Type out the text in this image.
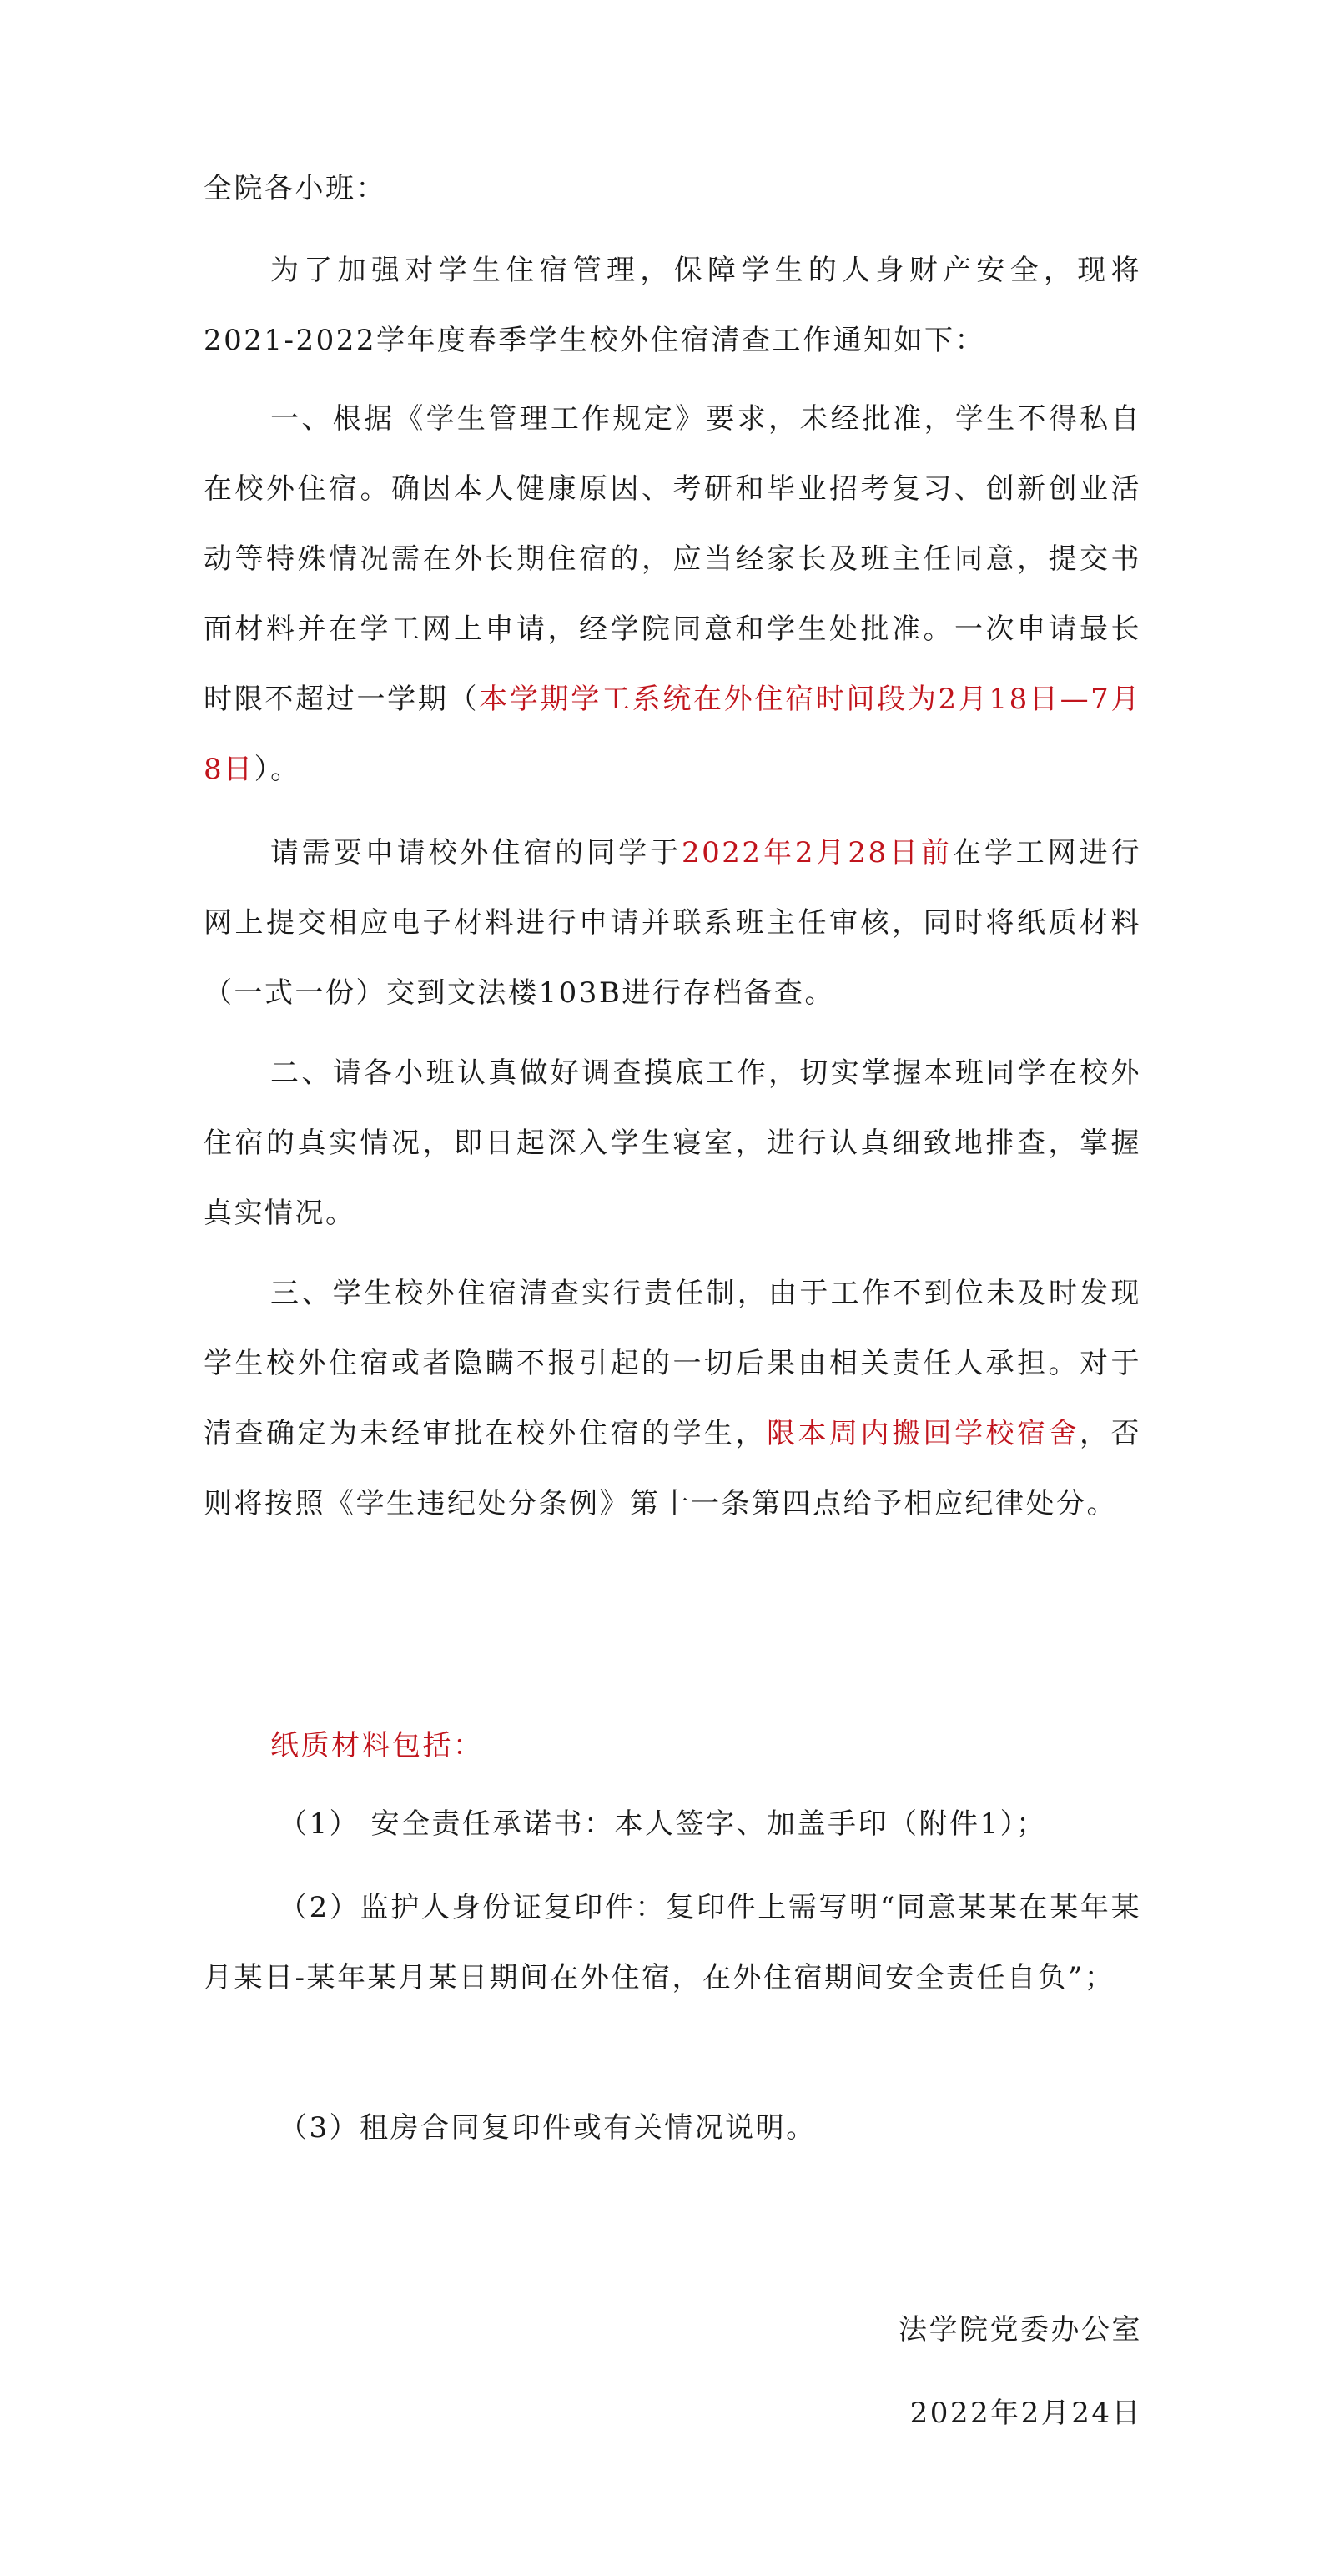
全院各小班：
为了加强对学生住宿管理，保障学生的人身财产安全，现将2021-2022学年度春季学生校外住宿清查工作通知如下：
一、根据《学生管理工作规定》要求，未经批准，学生不得私自在校外住宿。确因本人健康原因、考研和毕业招考复习、创新创业活动等特殊情况需在外长期住宿的，应当经家长及班主任同意，提交书面材料并在学工网上申请，经学院同意和学生处批准。一次申请最长时限不超过一学期（本学期学工系统在外住宿时间段为2月18日—7月8日）。
请需要申请校外住宿的同学于2022年2月28日前在学工网进行网上提交相应电子材料进行申请并联系班主任审核，同时将纸质材料（一式一份）交到文法楼103B进行存档备查。
二、请各小班认真做好调查摸底工作，切实掌握本班同学在校外住宿的真实情况，即日起深入学生寝室，进行认真细致地排查，掌握真实情况。
三、学生校外住宿清查实行责任制，由于工作不到位未及时发现学生校外住宿或者隐瞒不报引起的一切后果由相关责任人承担。对于清查确定为未经审批在校外住宿的学生，限本周内搬回学校宿舍，否则将按照《学生违纪处分条例》第十一条第四点给予相应纪律处分。
纸质材料包括：
（1） 安全责任承诺书：本人签字、加盖手印（附件1）；
（2）监护人身份证复印件：复印件上需写明“同意某某在某年某月某日-某年某月某日期间在外住宿，在外住宿期间安全责任自负”；
（3）租房合同复印件或有关情况说明。
法学院党委办公室
2022年2月24日
